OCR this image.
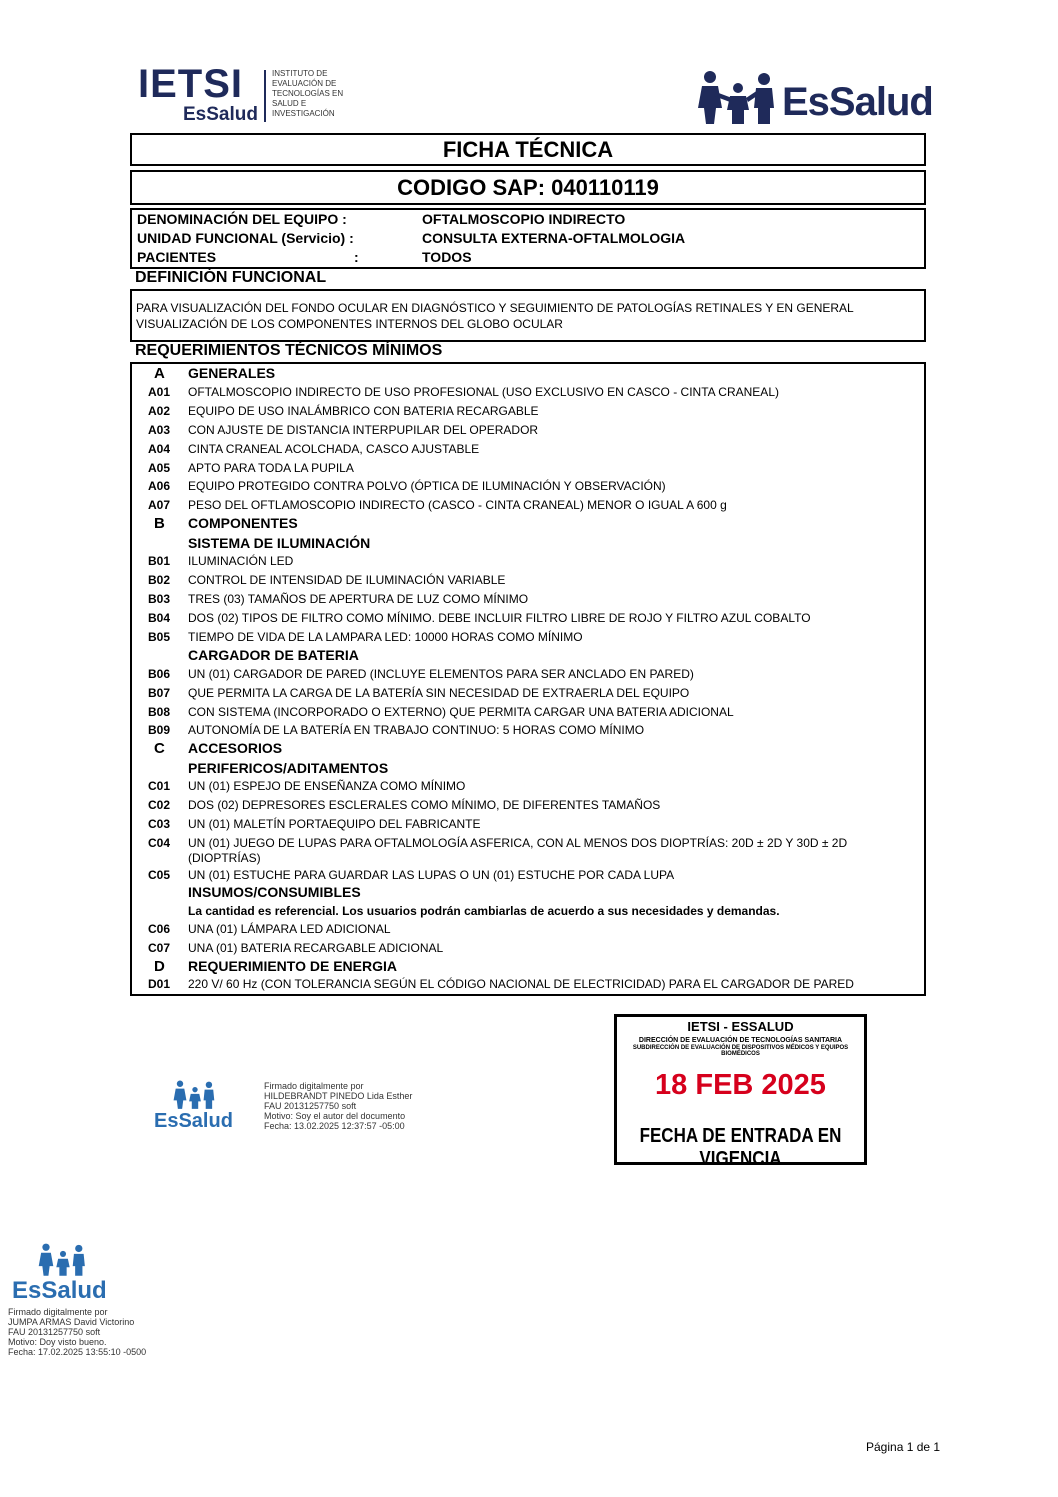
IETSI
EsSalud
INSTITUTO DE EVALUACIÓN DE TECNOLOGÍAS EN SALUD E INVESTIGACIÓN	EsSalud
FICHA TÉCNICA
CODIGO SAP: 040110119
DENOMINACIÓN DEL EQUIPO :	OFTALMOSCOPIO INDIRECTO
UNIDAD FUNCIONAL (Servicio) :	CONSULTA EXTERNA-OFTALMOLOGIA
PACIENTES	:	TODOS
DEFINICIÓN FUNCIONAL
PARA VISUALIZACIÓN DEL FONDO OCULAR EN DIAGNÓSTICO Y SEGUIMIENTO DE PATOLOGÍAS RETINALES Y EN GENERAL VISUALIZACIÓN DE LOS COMPONENTES INTERNOS DEL GLOBO OCULAR
REQUERIMIENTOS TÉCNICOS MÍNIMOS
A GENERALES
A01 OFTALMOSCOPIO INDIRECTO DE USO PROFESIONAL (USO EXCLUSIVO EN CASCO - CINTA CRANEAL)
A02 EQUIPO DE USO INALÁMBRICO CON BATERIA RECARGABLE
A03 CON AJUSTE DE DISTANCIA INTERPUPILAR DEL OPERADOR
A04 CINTA CRANEAL ACOLCHADA, CASCO AJUSTABLE
A05 APTO PARA TODA LA PUPILA
A06 EQUIPO PROTEGIDO CONTRA POLVO (ÓPTICA DE ILUMINACIÓN Y OBSERVACIÓN)
A07 PESO DEL OFTLAMOSCOPIO INDIRECTO (CASCO - CINTA CRANEAL) MENOR O IGUAL A 600 g
B COMPONENTES
SISTEMA DE ILUMINACIÓN
B01 ILUMINACIÓN LED
B02 CONTROL DE INTENSIDAD DE ILUMINACIÓN VARIABLE
B03 TRES (03) TAMAÑOS DE APERTURA DE LUZ COMO MÍNIMO
B04 DOS (02) TIPOS DE FILTRO COMO MÍNIMO. DEBE INCLUIR FILTRO LIBRE DE ROJO Y FILTRO AZUL COBALTO
B05 TIEMPO DE VIDA DE LA LAMPARA LED: 10000 HORAS COMO MÍNIMO
CARGADOR DE BATERIA
B06 UN (01) CARGADOR DE PARED (INCLUYE ELEMENTOS PARA SER ANCLADO EN PARED)
B07 QUE PERMITA LA CARGA DE LA BATERÍA SIN NECESIDAD DE EXTRAERLA DEL EQUIPO
B08 CON SISTEMA (INCORPORADO O EXTERNO) QUE PERMITA CARGAR UNA BATERIA ADICIONAL
B09 AUTONOMÍA DE LA BATERÍA EN TRABAJO CONTINUO: 5 HORAS COMO MÍNIMO
C ACCESORIOS
PERIFERICOS/ADITAMENTOS
C01 UN (01) ESPEJO DE ENSEÑANZA COMO MÍNIMO
C02 DOS (02) DEPRESORES ESCLERALES COMO MÍNIMO, DE DIFERENTES TAMAÑOS
C03 UN (01) MALETÍN PORTAEQUIPO DEL FABRICANTE
C04 UN (01) JUEGO DE LUPAS PARA OFTALMOLOGÍA ASFERICA, CON AL MENOS DOS DIOPTRÍAS: 20D ± 2D Y 30D ± 2D
(DIOPTRÍAS)
C05 UN (01) ESTUCHE PARA GUARDAR LAS LUPAS O UN (01) ESTUCHE POR CADA LUPA
INSUMOS/CONSUMIBLES
La cantidad es referencial. Los usuarios podrán cambiarlas de acuerdo a sus necesidades y demandas.
C06 UNA (01) LÁMPARA LED ADICIONAL
C07 UNA (01) BATERIA RECARGABLE ADICIONAL
D REQUERIMIENTO DE ENERGIA
D01 220 V/ 60 Hz (CON TOLERANCIA SEGÚN EL CÓDIGO NACIONAL DE ELECTRICIDAD) PARA EL CARGADOR DE PARED
EsSalud
Firmado digitalmente por
HILDEBRANDT PINEDO Lida Esther
FAU 20131257750 soft
Motivo: Soy el autor del documento
Fecha: 13.02.2025 12:37:57 -05:00
IETSI - ESSALUD
DIRECCIÓN DE EVALUACIÓN DE TECNOLOGÍAS SANITARIA
SUBDIRECCIÓN DE EVALUACIÓN DE DISPOSITIVOS MÉDICOS Y EQUIPOS BIOMÉDICOS
18 FEB 2025
FECHA DE ENTRADA EN VIGENCIA
EsSalud
Firmado digitalmente por
JUMPA ARMAS David Victorino
FAU 20131257750 soft
Motivo: Doy visto bueno.
Fecha: 17.02.2025 13:55:10 -0500
Página 1 de 1
